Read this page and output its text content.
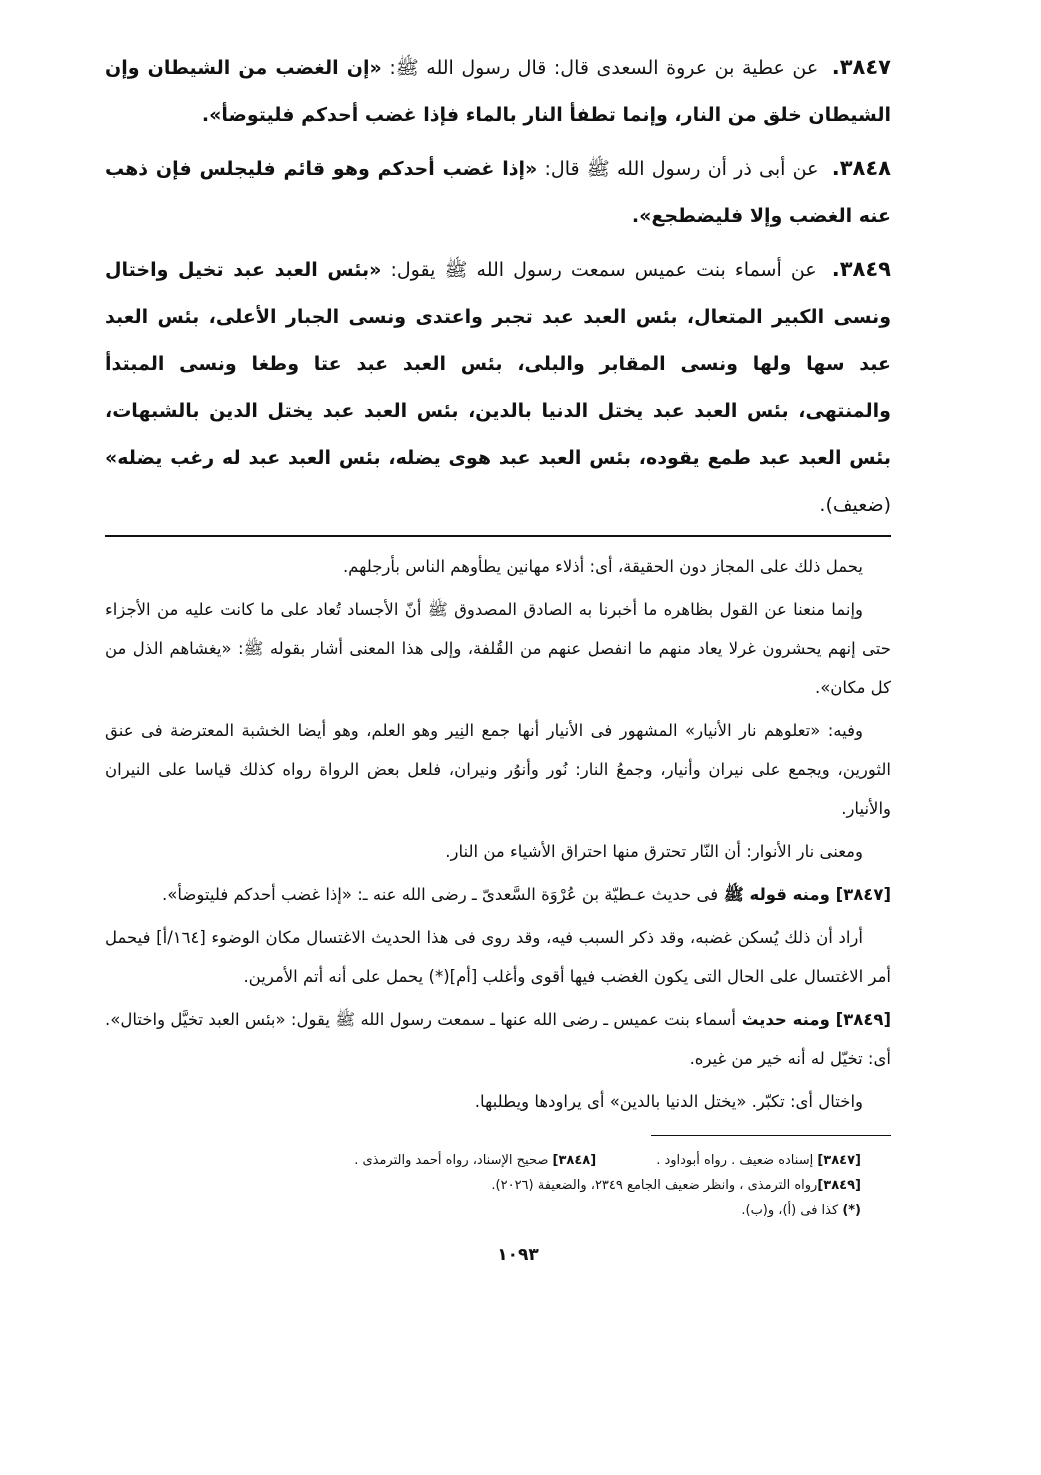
٣٨٤٧. عن عطية بن عروة السعدى قال: قال رسول الله ﷺ: «إن الغضب من الشيطان وإن الشيطان خلق من النار، وإنما تطفأ النار بالماء فإذا غضب أحدكم فليتوضأ».

٣٨٤٨. عن أبى ذر أن رسول الله ﷺ قال: «إذا غضب أحدكم وهو قائم فليجلس فإن ذهب عنه الغضب وإلا فليضطجع».

٣٨٤٩. عن أسماء بنت عميس سمعت رسول الله ﷺ يقول: «بئس العبد عبد تخيل واختال ونسى الكبير المتعال، بئس العبد عبد تجبر واعتدى ونسى الجبار الأعلى، بئس العبد عبد سها ولها ونسى المقابر والبلى، بئس العبد عبد عتا وطغا ونسى المبتدأ والمنتهى، بئس العبد عبد يختل الدنيا بالدين، بئس العبد عبد يختل الدين بالشبهات، بئس العبد عبد طمع يقوده، بئس العبد عبد هوى يضله، بئس العبد عبد له رغب يضله» (ضعيف).

يحمل ذلك على المجاز دون الحقيقة، أى: أذلاء مهانين يطأوهم الناس بأرجلهم.

وإنما منعنا عن القول بظاهره ما أخبرنا به الصادق المصدوق ﷺ أنّ الأجساد تُعاد على ما كانت عليه من الأجزاء حتى إنهم يحشرون غرلا يعاد منهم ما انفصل عنهم من القُلفة، وإلى هذا المعنى أشار بقوله ﷺ: «يغشاهم الذل من كل مكان».

وفيه: «تعلوهم نار الأنيار» المشهور فى الأنيار أنها جمع النِير وهو العلم، وهو أيضا الخشبة المعترضة فى عنق الثورين، ويجمع على نيران وأنيار، وجمعُ النار: نُور وأنوُر ونيران، فلعل بعض الرواة رواه كذلك قياسا على النيران والأنيار.

ومعنى نار الأنوار: أن النّار تحترق منها احتراق الأشياء من النار.

[٣٨٤٧] ومنه قوله ﷺ فى حديث عـطيّة بن عُرْوَة السَّعدىّ ـ رضى الله عنه ـ: «إذا غضب أحدكم فليتوضأ».

أراد أن ذلك يُسكن غضبه، وقد ذكر السبب فيه، وقد روى فى هذا الحديث الاغتسال مكان الوضوء [١٦٤/أ] فيحمل أمر الاغتسال على الحال التى يكون الغضب فيها أقوى وأغلب [أم](*) يحمل على أنه أتم الأمرين.

[٣٨٤٩] ومنه حديث أسماء بنت عميس ـ رضى الله عنها ـ سمعت رسول الله ﷺ يقول: «بئس العبد تخيَّل واختال». أى: تخيّل له أنه خير من غيره.

واختال أى: تكبّر. «يختل الدنيا بالدين» أى يراودها ويطلبها.

[٣٨٤٧] إسناده ضعيف . رواه أبوداود .
[٣٨٤٨] صحيح الإسناد، رواه أحمد والترمذى .
[٣٨٤٩]رواه الترمذى ، وانظر ضعيف الجامع ٢٣٤٩، والضعيفة (٢٠٢٦).
(*) كذا فى (أ)، و(ب).
١٠٩٣
